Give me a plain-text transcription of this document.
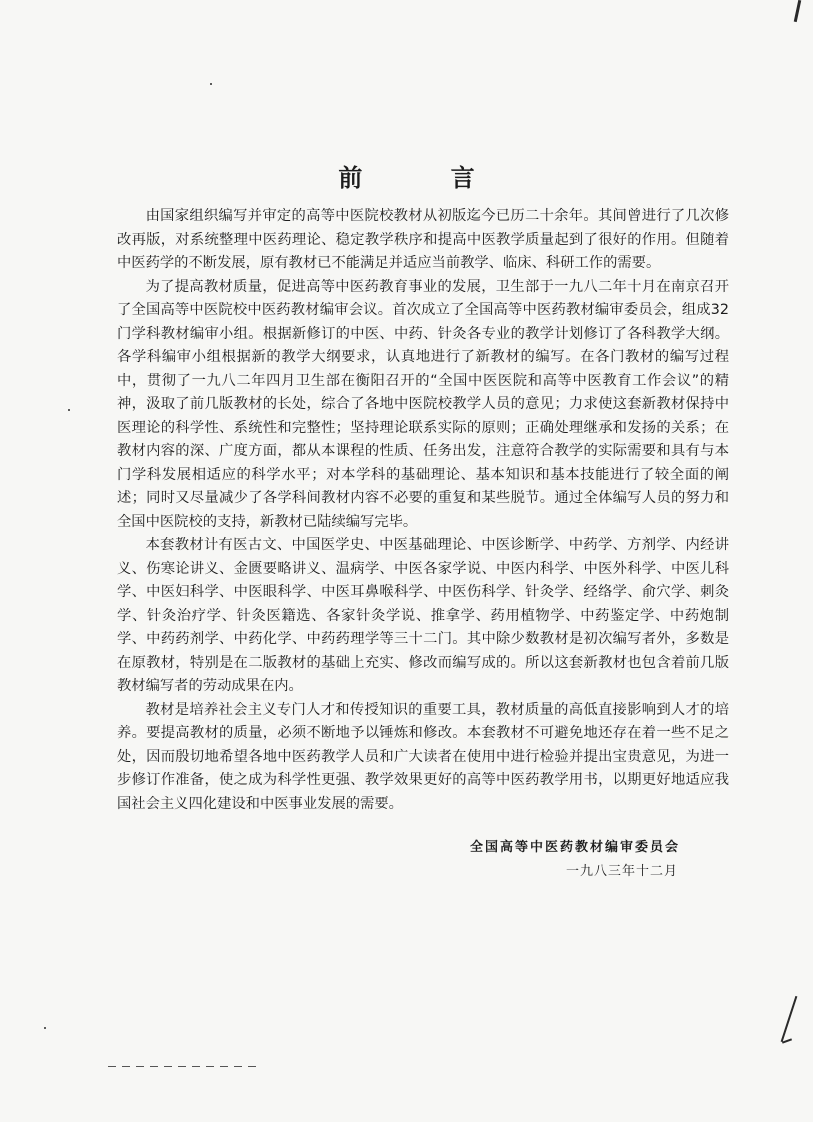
前 言

由国家组织编写并审定的高等中医院校教材从初版迄今已历二十余年。其间曾进行了几次修改再版，对系统整理中医药理论、稳定教学秩序和提高中医教学质量起到了很好的作用。但随着中医药学的不断发展，原有教材已不能满足并适应当前教学、临床、科研工作的需要。

为了提高教材质量，促进高等中医药教育事业的发展，卫生部于一九八二年十月在南京召开了全国高等中医院校中医药教材编审会议。首次成立了全国高等中医药教材编审委员会，组成32门学科教材编审小组。根据新修订的中医、中药、针灸各专业的教学计划修订了各科教学大纲。各学科编审小组根据新的教学大纲要求，认真地进行了新教材的编写。在各门教材的编写过程中，贯彻了一九八二年四月卫生部在衡阳召开的“全国中医医院和高等中医教育工作会议”的精神，汲取了前几版教材的长处，综合了各地中医院校教学人员的意见；力求使这套新教材保持中医理论的科学性、系统性和完整性；坚持理论联系实际的原则；正确处理继承和发扬的关系；在教材内容的深、广度方面，都从本课程的性质、任务出发，注意符合教学的实际需要和具有与本门学科发展相适应的科学水平；对本学科的基础理论、基本知识和基本技能进行了较全面的阐述；同时又尽量减少了各学科间教材内容不必要的重复和某些脱节。通过全体编写人员的努力和全国中医院校的支持，新教材已陆续编写完毕。

本套教材计有医古文、中国医学史、中医基础理论、中医诊断学、中药学、方剂学、内经讲义、伤寒论讲义、金匮要略讲义、温病学、中医各家学说、中医内科学、中医外科学、中医儿科学、中医妇科学、中医眼科学、中医耳鼻喉科学、中医伤科学、针灸学、经络学、俞穴学、刺灸学、针灸治疗学、针灸医籍选、各家针灸学说、推拿学、药用植物学、中药鉴定学、中药炮制学、中药药剂学、中药化学、中药药理学等三十二门。其中除少数教材是初次编写者外，多数是在原教材，特别是在二版教材的基础上充实、修改而编写成的。所以这套新教材也包含着前几版教材编写者的劳动成果在内。

教材是培养社会主义专门人才和传授知识的重要工具，教材质量的高低直接影响到人才的培养。要提高教材的质量，必须不断地予以锤炼和修改。本套教材不可避免地还存在着一些不足之处，因而殷切地希望各地中医药教学人员和广大读者在使用中进行检验并提出宝贵意见，为进一步修订作准备，使之成为科学性更强、教学效果更好的高等中医药教学用书，以期更好地适应我国社会主义四化建设和中医事业发展的需要。

全国高等中医药教材编审委员会
一九八三年十二月
